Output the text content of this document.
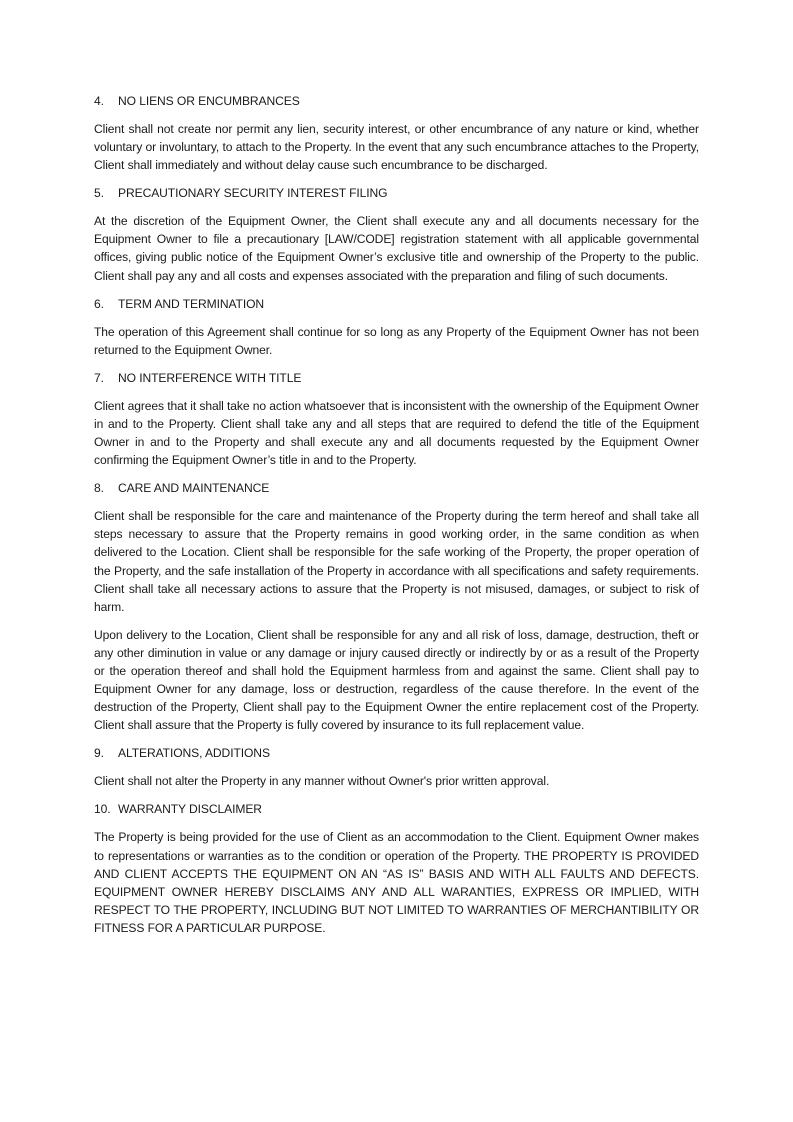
4.	NO LIENS OR ENCUMBRANCES

Client shall not create nor permit any lien, security interest, or other encumbrance of any nature or kind, whether voluntary or involuntary, to attach to the Property. In the event that any such encumbrance attaches to the Property, Client shall immediately and without delay cause such encumbrance to be discharged.

5.	PRECAUTIONARY SECURITY INTEREST FILING

At the discretion of the Equipment Owner, the Client shall execute any and all documents necessary for the Equipment Owner to file a precautionary [LAW/CODE] registration statement with all applicable governmental offices, giving public notice of the Equipment Owner’s exclusive title and ownership of the Property to the public. Client shall pay any and all costs and expenses associated with the preparation and filing of such documents.

6.	TERM AND TERMINATION

The operation of this Agreement shall continue for so long as any Property of the Equipment Owner has not been returned to the Equipment Owner.

7.	NO INTERFERENCE WITH TITLE

Client agrees that it shall take no action whatsoever that is inconsistent with the ownership of the Equipment Owner in and to the Property. Client shall take any and all steps that are required to defend the title of the Equipment Owner in and to the Property and shall execute any and all documents requested by the Equipment Owner confirming the Equipment Owner’s title in and to the Property.

8.	CARE AND MAINTENANCE

Client shall be responsible for the care and maintenance of the Property during the term hereof and shall take all steps necessary to assure that the Property remains in good working order, in the same condition as when delivered to the Location. Client shall be responsible for the safe working of the Property, the proper operation of the Property, and the safe installation of the Property in accordance with all specifications and safety requirements. Client shall take all necessary actions to assure that the Property is not misused, damages, or subject to risk of harm.

Upon delivery to the Location, Client shall be responsible for any and all risk of loss, damage, destruction, theft or any other diminution in value or any damage or injury caused directly or indirectly by or as a result of the Property or the operation thereof and shall hold the Equipment harmless from and against the same. Client shall pay to Equipment Owner for any damage, loss or destruction, regardless of the cause therefore. In the event of the destruction of the Property, Client shall pay to the Equipment Owner the entire replacement cost of the Property. Client shall assure that the Property is fully covered by insurance to its full replacement value.

9.	ALTERATIONS, ADDITIONS

Client shall not alter the Property in any manner without Owner's prior written approval.

10. WARRANTY DISCLAIMER

The Property is being provided for the use of Client as an accommodation to the Client. Equipment Owner makes to representations or warranties as to the condition or operation of the Property. THE PROPERTY IS PROVIDED AND CLIENT ACCEPTS THE EQUIPMENT ON AN “AS IS” BASIS AND WITH ALL FAULTS AND DEFECTS. EQUIPMENT OWNER HEREBY DISCLAIMS ANY AND ALL WARANTIES, EXPRESS OR IMPLIED, WITH RESPECT TO THE PROPERTY, INCLUDING BUT NOT LIMITED TO WARRANTIES OF MERCHANTIBILITY OR FITNESS FOR A PARTICULAR PURPOSE.
